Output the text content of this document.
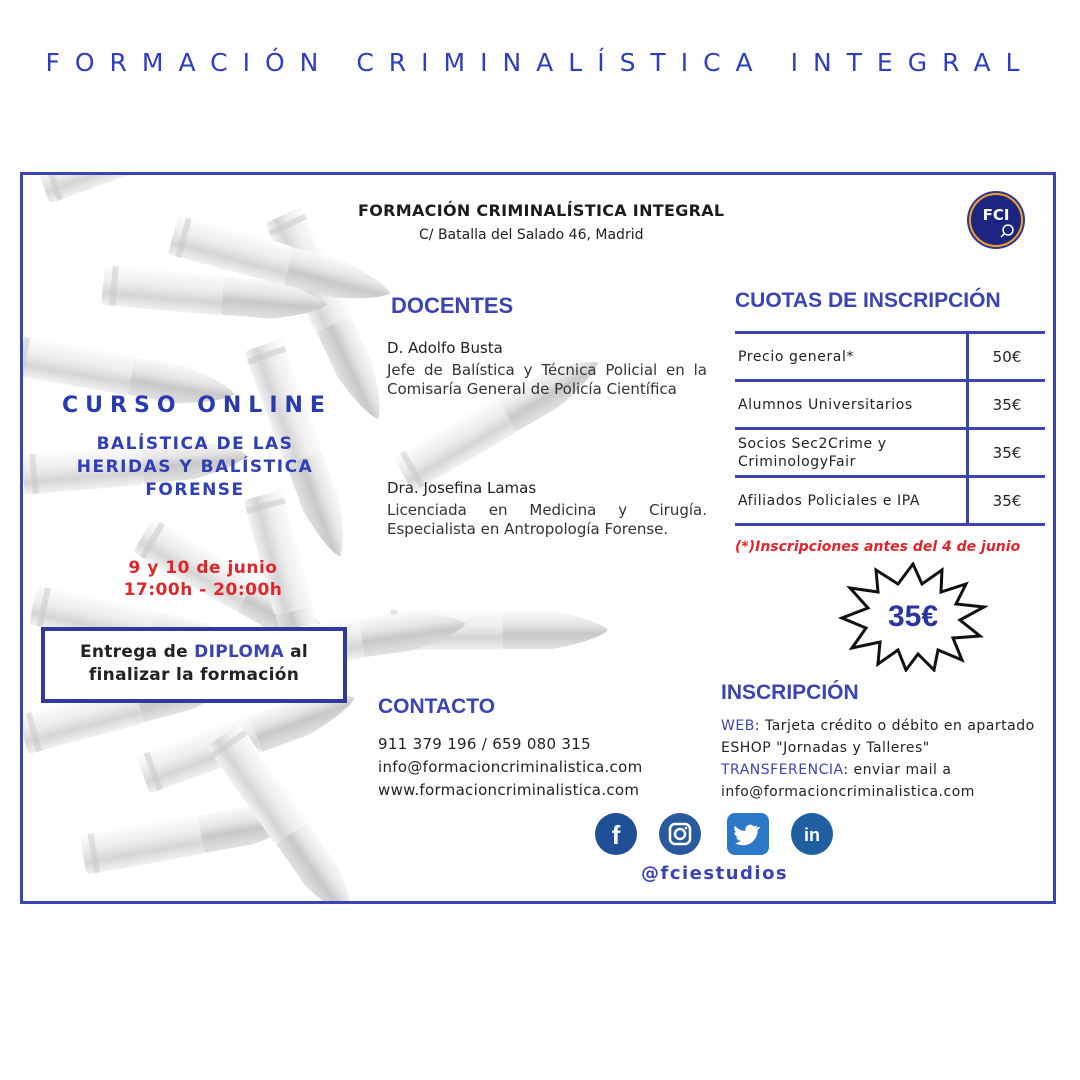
FORMACIÓN CRIMINALÍSTICA INTEGRAL
FORMACIÓN CRIMINALÍSTICA INTEGRAL
C/ Batalla del Salado 46, Madrid
FCI
CURSO ONLINE
BALÍSTICA DE LAS
HERIDAS Y BALÍSTICA
FORENSE
9 y 10 de junio
17:00h - 20:00h
Entrega de DIPLOMA al
finalizar la formación
DOCENTES
D. Adolfo Busta
Jefe de Balística y Técnica Policial en la Comisaría General de Policía Científica
Dra. Josefina Lamas
Licenciada en Medicina y Cirugía. Especialista en Antropología Forense.
CUOTAS DE INSCRIPCIÓN
Precio general*	50€
Alumnos Universitarios	35€
Socios Sec2Crime y CriminologyFair	35€
Afiliados Policiales e IPA	35€
(*)Inscripciones antes del 4 de junio
35€
CONTACTO
911 379 196 / 659 080 315
info@formacioncriminalistica.com
www.formacioncriminalistica.com
INSCRIPCIÓN
WEB: Tarjeta crédito o débito en apartado ESHOP "Jornadas y Talleres"
TRANSFERENCIA: enviar mail a info@formacioncriminalistica.com
f	in
@fciestudios
